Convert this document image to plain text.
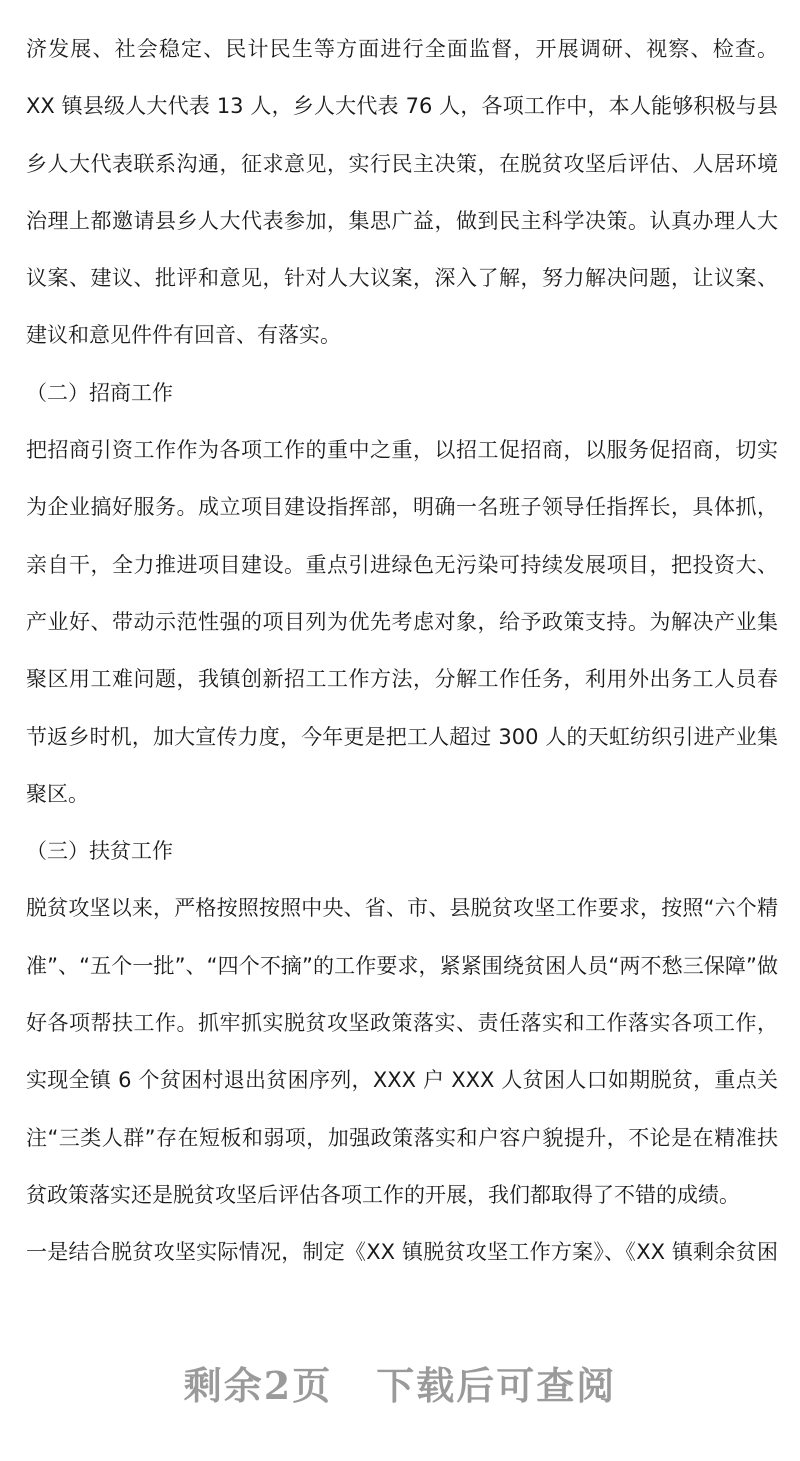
济发展、社会稳定、民计民生等方面进行全面监督，开展调研、视察、检查。
XX 镇县级人大代表 13 人，乡人大代表 76 人，各项工作中，本人能够积极与县
乡人大代表联系沟通，征求意见，实行民主决策，在脱贫攻坚后评估、人居环境
治理上都邀请县乡人大代表参加，集思广益，做到民主科学决策。认真办理人大
议案、建议、批评和意见，针对人大议案，深入了解，努力解决问题，让议案、
建议和意见件件有回音、有落实。
（二）招商工作
把招商引资工作作为各项工作的重中之重，以招工促招商，以服务促招商，切实
为企业搞好服务。成立项目建设指挥部，明确一名班子领导任指挥长，具体抓，
亲自干，全力推进项目建设。重点引进绿色无污染可持续发展项目，把投资大、
产业好、带动示范性强的项目列为优先考虑对象，给予政策支持。为解决产业集
聚区用工难问题，我镇创新招工工作方法，分解工作任务，利用外出务工人员春
节返乡时机，加大宣传力度，今年更是把工人超过 300 人的天虹纺织引进产业集
聚区。
（三）扶贫工作
脱贫攻坚以来，严格按照按照中央、省、市、县脱贫攻坚工作要求，按照“六个精
准”、“五个一批”、“四个不摘”的工作要求，紧紧围绕贫困人员“两不愁三保障”做
好各项帮扶工作。抓牢抓实脱贫攻坚政策落实、责任落实和工作落实各项工作，
实现全镇 6 个贫困村退出贫困序列，XXX 户 XXX 人贫困人口如期脱贫，重点关
注“三类人群”存在短板和弱项，加强政策落实和户容户貌提升，不论是在精准扶
贫政策落实还是脱贫攻坚后评估各项工作的开展，我们都取得了不错的成绩。
一是结合脱贫攻坚实际情况，制定《XX 镇脱贫攻坚工作方案》、《XX 镇剩余贫困
剩余2页 下载后可查阅
